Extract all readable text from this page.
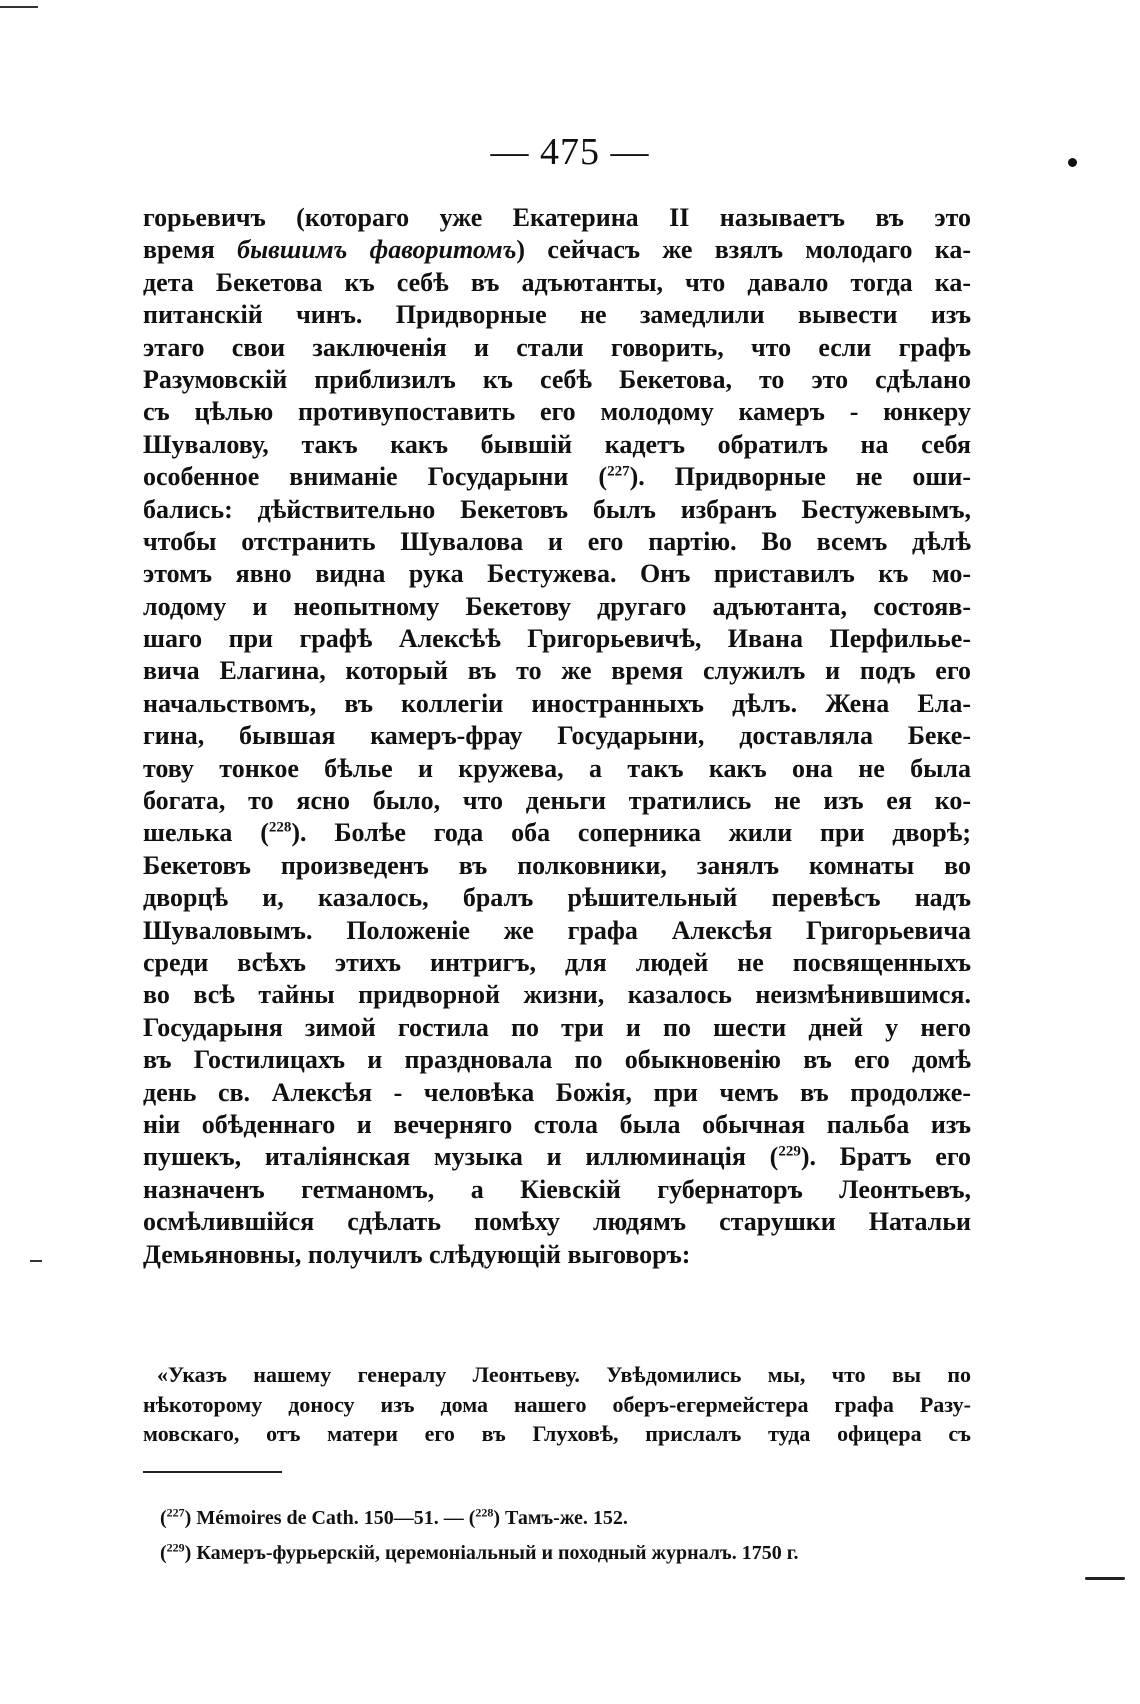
— 475 —
горьевичъ (котораго уже Екатерина II называетъ въ это
время бывшимъ фаворитомъ) сейчасъ же взялъ молодаго ка-
дета Бекетова къ себѣ въ адъютанты, что давало тогда ка-
питанскій чинъ. Придворные не замедлили вывести изъ
этаго свои заключенія и стали говорить, что если графъ
Разумовскій приблизилъ къ себѣ Бекетова, то это сдѣлано
съ цѣлью противупоставить его молодому камеръ - юнкеру
Шувалову, такъ какъ бывшій кадетъ обратилъ на себя
особенное вниманіе Государыни ($^{227}$). Придворные не оши-
бались: дѣйствительно Бекетовъ былъ избранъ Бестужевымъ,
чтобы отстранить Шувалова и его партію. Во всемъ дѣлѣ
этомъ явно видна рука Бестужева. Онъ приставилъ къ мо-
лодому и неопытному Бекетову другаго адъютанта, состояв-
шаго при графѣ Алексѣѣ Григорьевичѣ, Ивана Перфильье-
вича Елагина, который въ то же время служилъ и подъ его
начальствомъ, въ коллегіи иностранныхъ дѣлъ. Жена Ела-
гина, бывшая камеръ-фрау Государыни, доставляла Беке-
тову тонкое бѣлье и кружева, а такъ какъ она не была
богата, то ясно было, что деньги тратились не изъ ея ко-
шелька ($^{228}$). Болѣе года оба соперника жили при дворѣ;
Бекетовъ произведенъ въ полковники, занялъ комнаты во
дворцѣ и, казалось, бралъ рѣшительный перевѣсъ надъ
Шуваловымъ. Положеніе же графа Алексѣя Григорьевича
среди всѣхъ этихъ интригъ, для людей не посвященныхъ
во всѣ тайны придворной жизни, казалось неизмѣнившимся.
Государыня зимой гостила по три и по шести дней у него
въ Гостилицахъ и праздновала по обыкновенію въ его домѣ
день св. Алексѣя - человѣка Божія, при чемъ въ продолже-
ніи обѣденнаго и вечерняго стола была обычная пальба изъ
пушекъ, италіянская музыка и иллюминація ($^{229}$). Братъ его
назначенъ гетманомъ, а Кіевскій губернаторъ Леонтьевъ,
осмѣлившійся сдѣлать помѣху людямъ старушки Натальи
Демьяновны, получилъ слѣдующій выговоръ:
«Указъ нашему генералу Леонтьеву. Увѣдомились мы, что вы по
нѣкоторому доносу изъ дома нашего оберъ-егермейстера графа Разу-
мовскаго, отъ матери его въ Глуховѣ, прислалъ туда офицера съ
($^{227}$) Mémoires de Cath. 150—51. — ($^{228}$) Тамъ-же. 152.
($^{229}$) Камеръ-фурьерскій, церемоніальный и походный журналъ. 1750 г.
